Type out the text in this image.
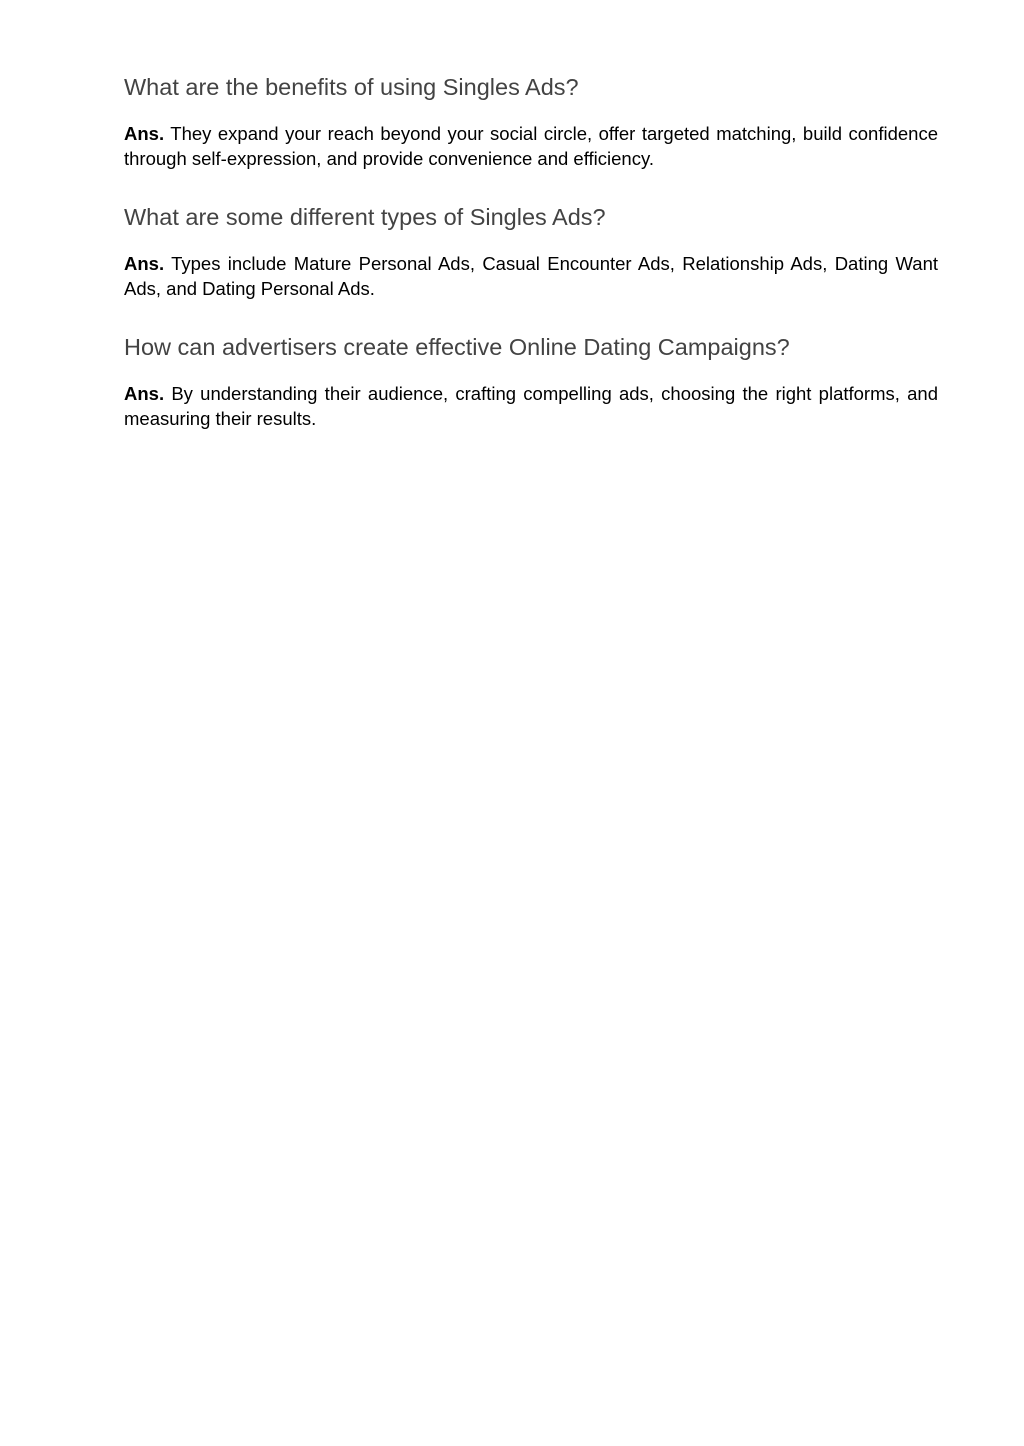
What are the benefits of using Singles Ads?

Ans. They expand your reach beyond your social circle, offer targeted matching, build confidence through self-expression, and provide convenience and efficiency.

What are some different types of Singles Ads?

Ans. Types include Mature Personal Ads, Casual Encounter Ads, Relationship Ads, Dating Want Ads, and Dating Personal Ads.

How can advertisers create effective Online Dating Campaigns?

Ans. By understanding their audience, crafting compelling ads, choosing the right platforms, and measuring their results.
